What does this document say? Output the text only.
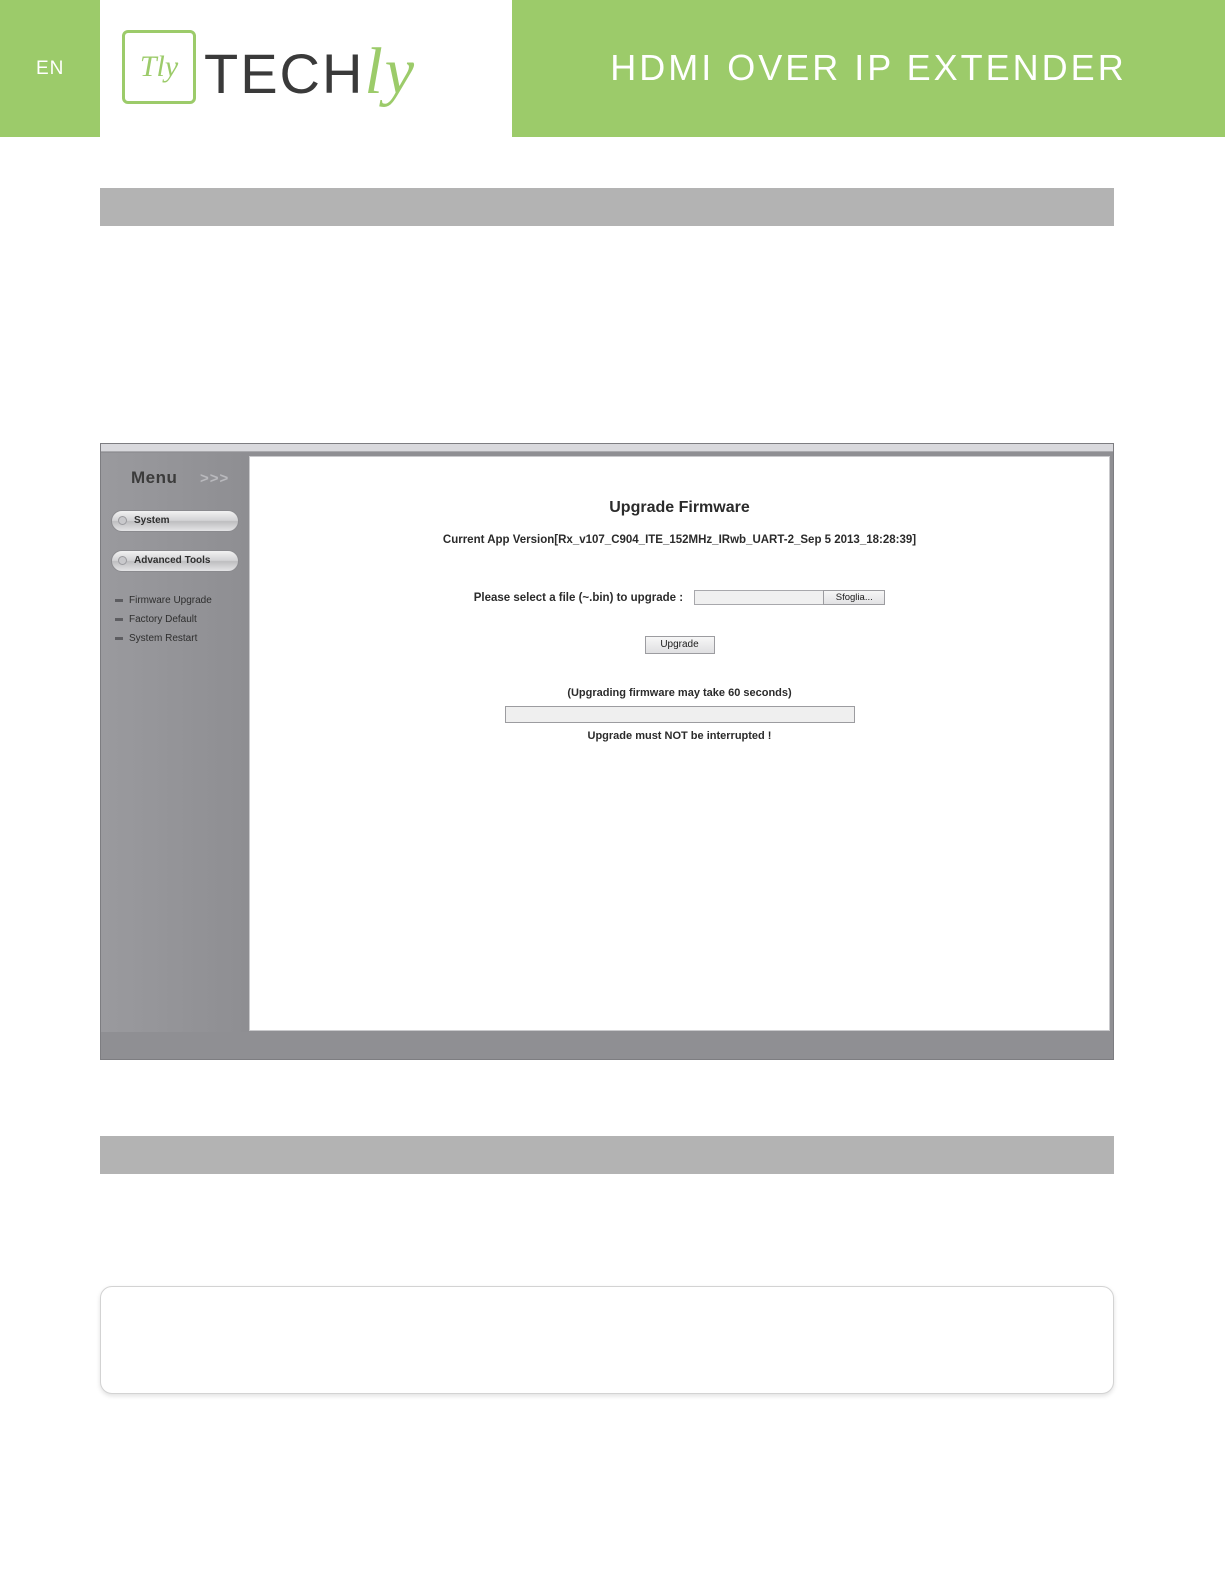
EN	Tly TECHly	HDMI OVER IP EXTENDER
Menu >>>
System
Advanced Tools
Firmware Upgrade
Factory Default
System Restart
Upgrade Firmware
Current App Version[Rx_v107_C904_ITE_152MHz_IRwb_UART-2_Sep 5 2013_18:28:39]
Please select a file (~.bin) to upgrade :	Sfoglia...
Upgrade
(Upgrading firmware may take 60 seconds)
Upgrade must NOT be interrupted !
